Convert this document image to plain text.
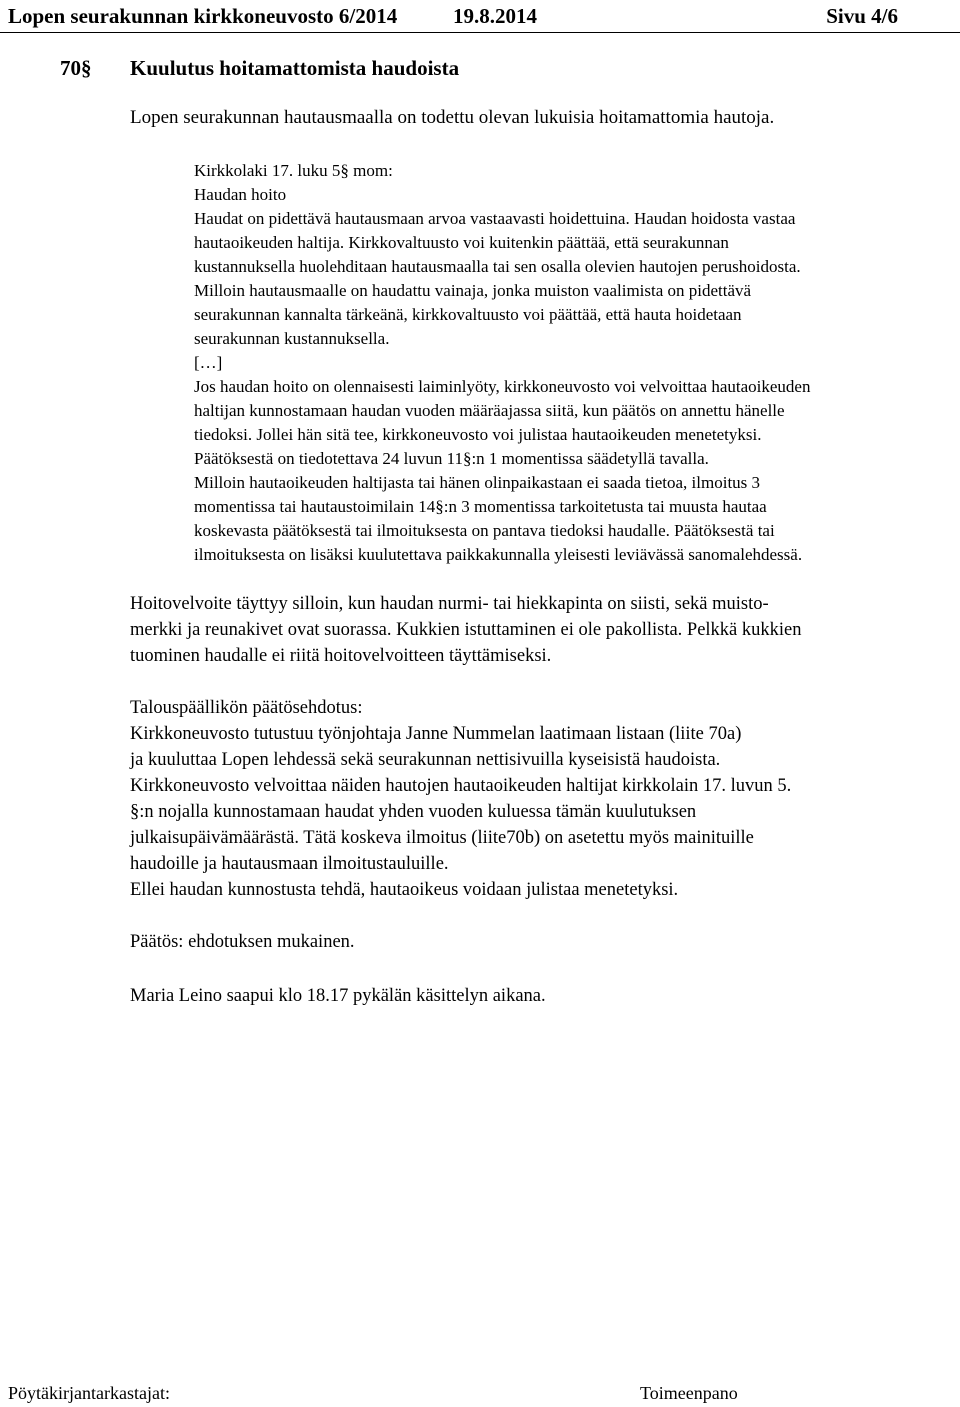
Lopen seurakunnan kirkkoneuvosto 6/2014	19.8.2014	Sivu 4/6
70§ Kuulutus hoitamattomista haudoista
Lopen seurakunnan hautausmaalla on todettu olevan lukuisia hoitamattomia hautoja.

Kirkkolaki 17. luku 5§ mom:

Haudan hoito

Haudat on pidettävä hautausmaan arvoa vastaavasti hoidettuina. Haudan hoidosta vastaa

hautaoikeuden haltija. Kirkkovaltuusto voi kuitenkin päättää, että seurakunnan

kustannuksella huolehditaan hautausmaalla tai sen osalla olevien hautojen perushoidosta.

Milloin hautausmaalle on haudattu vainaja, jonka muiston vaalimista on pidettävä

seurakunnan kannalta tärkeänä, kirkkovaltuusto voi päättää, että hauta hoidetaan

seurakunnan kustannuksella.

[…]

Jos haudan hoito on olennaisesti laiminlyöty, kirkkoneuvosto voi velvoittaa hautaoikeuden

haltijan kunnostamaan haudan vuoden määräajassa siitä, kun päätös on annettu hänelle

tiedoksi. Jollei hän sitä tee, kirkkoneuvosto voi julistaa hautaoikeuden menetetyksi.

Päätöksestä on tiedotettava 24 luvun 11§:n 1 momentissa säädetyllä tavalla.

Milloin hautaoikeuden haltijasta tai hänen olinpaikastaan ei saada tietoa, ilmoitus 3

momentissa tai hautaustoimilain 14§:n 3 momentissa tarkoitetusta tai muusta hautaa

koskevasta päätöksestä tai ilmoituksesta on pantava tiedoksi haudalle. Päätöksestä tai

ilmoituksesta on lisäksi kuulutettava paikkakunnalla yleisesti leviävässä sanomalehdessä.

Hoitovelvoite täyttyy silloin, kun haudan nurmi- tai hiekkapinta on siisti, sekä muisto-

merkki ja reunakivet ovat suorassa. Kukkien istuttaminen ei ole pakollista. Pelkkä kukkien

tuominen haudalle ei riitä hoitovelvoitteen täyttämiseksi.

Talouspäällikön päätösehdotus:

Kirkkoneuvosto tutustuu työnjohtaja Janne Nummelan laatimaan listaan (liite 70a)

ja kuuluttaa Lopen lehdessä sekä seurakunnan nettisivuilla kyseisistä haudoista.

Kirkkoneuvosto velvoittaa näiden hautojen hautaoikeuden haltijat kirkkolain 17. luvun 5.

§:n nojalla kunnostamaan haudat yhden vuoden kuluessa tämän kuulutuksen

julkaisupäivämäärästä. Tätä koskeva ilmoitus (liite70b) on asetettu myös mainituille

haudoille ja hautausmaan ilmoitustauluille.

Ellei haudan kunnostusta tehdä, hautaoikeus voidaan julistaa menetetyksi.

Päätös: ehdotuksen mukainen.

Maria Leino saapui klo 18.17 pykälän käsittelyn aikana.

Pöytäkirjantarkastajat:	Toimeenpano
